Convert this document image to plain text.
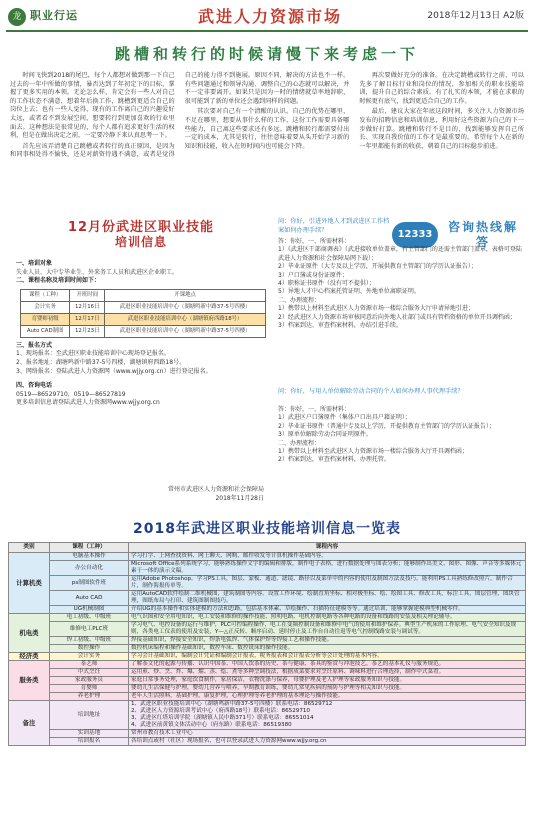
龙 职业行运	武进人力资源市场	2018年12月13日 A2版
跳槽和转行的时候请慢下来考虑一下

时间飞快到2018的尾巴，每个人都想对做到那一下自己过去的一年中所做的事情，暴否达到了年初定下的目标，掌握了更多实用的本领。无论怎么样，肯定会有一些人对自己的工作状态不满意，想着年后换工作，跳槽到更适合自己的岗位上去；也有一些人觉得，现有的工作离自己的兴趣爱好太远，或者看不到发展空间，想要转行到更加喜欢的行业里面去。这种想法是很常见的，每个人都有追求更好生活的权利，但是在做出决定之前，一定要冷静下来认真思考一下。

首先应该弄清楚自己跳槽或者转行的真正原因，是因为和同事相处得不愉快，还是对薪资待遇不满意，或者是觉得自己的能力得不到施展。原因不同，解决的方法也不一样。有些问题通过和领导沟通、调整自己的心态就可以解决，并不一定非要离开。如果只是因为一时的情绪就草率地辞职，很可能到了新的单位还会遇到同样的问题。

其次要对自己有一个清醒的认识。自己的优势在哪里，不足在哪里，想要从事什么样的工作，这份工作需要具备哪些能力，自己离这些要求还有多远。跳槽和转行都需要付出一定的成本，尤其是转行，往往意味着要从头开始学习新的知识和技能，收入在短时间内也可能会下降。

再次要做好充分的准备。在决定跳槽或转行之前，可以先多了解目标行业和岗位的情况，参加相关的职业技能培训，提升自己的综合素质。有了扎实的本领，才能在求职的时候更有底气，找到更适合自己的工作。

最后，建议大家在年底这段时间，多关注人力资源市场发布的招聘信息和培训信息，利用好这些资源为自己的下一步做好打算。跳槽和转行不是目的，找到能够发挥自己所长、实现自我价值的工作才是最重要的。希望每个人在新的一年里都能有新的收获，朝着自己的目标稳步前进。

12月份武进区职业技能
培训信息
一、培训对象
失业人员、大中专毕业生、外来务工人员和武进区企业职工。
二、课程名称及培训时间如下：
课程（工种）	开班时间	开课地点
会计实务	12月16日	武进区职业技能培训中心（湖塘鸣新中路37-5号四楼）
育婴师初级	12月17日	武进区职业技能培训中心（湖塘镇府西路18号）
Auto CAD制图	12月23日	武进区职业技能培训中心（湖塘鸣新中路37-5号四楼）
三、报名方式
1、现场报名：至武进区职业技能培训中心现场登记报名。
2、报名地址：湖塘鸣新中路37-5号四楼，湖塘镇府西路18号。
3、网络报名：登陆武进人力资源网（www.wjjy.org.cn）进行登记报名。
四、咨询电话
0519—86529710，0519—86527819
更多培训信息请登陆武进人力资源网www.wjjy.org.cn
常州市武进区人力资源和社会保障局
2018年11月28日
问：你好，引进外地人才到武进区工作档案如何办理手续？	12333
咨询热线解答

答：你好，一、所需材料：

1）《武进区干部商调表》（武进接收单位盖章，有主管部门的还需主管部门盖章，表格可登陆武进人力资源和社会保障局网下载）；

2）毕业证原件（大专及以上学历，开展供教育主管部门的学历认证报告）；

3）户口簿或身份证原件；

4）职称证书原件（没有可不提供）；

5）异地人才中心档案托管证明、外地单位离职证明。

二、办理流程：

1）携带以上材料至武进区人力资源市场一楼综合服务大厅申请异地引进；

2）经武进区人力资源市场审核同意后向外地人社部门或具有管档资格的单位开具调档函；

3）档案到达、审查档案材料，办结引进手续。

问：你好，与用人单位解除劳动合同的个人如何办理人事代理手续？

答：你好，一、所需材料：

1）武进区户口簿原件（集体户口出具户籍证明）；

2）毕业证书原件（普通中专及以上学历，开提供教育主管部门的学历认证报告）；

3）原单位解除劳动合同证明原件。

二、办理流程：

1）携带以上材料至武进区人力资源市场一楼综合服务大厅开具调档函；

2）档案到达，审查档案材料，办理托管。

2018年武进区职业技能培训信息一览表
类别	课程（工种）	课程内容
计算机类	电脑基本操作	学习打字、上网查找资料、网上聊天、网购、邮件收发等计算机操作基础内容。
	办公自动化	Microsoft Office系列系统学习，能够熟练操作文字的编辑和排版，制作电子表格，进行数据处理与图表分析；能够制作出美文、图形、图像、声音等多媒体元素于一体的演示文稿。
	ps制图软件班	运用Adobe Photoshop。学习PS工具，图层、蒙板、通道、滤镜、路径以及菜单中的内容的使用及制图方法及技巧。能利用PS工具熟练修改照片，制作合片，制作海报传单等。
	Auto CAD	运用AutoCAD软件绘制二维机械图，建筑制图等内容。设置工作环境、绘制直角坐标、相对极坐标、绘、绘图工具、修改工具，标注工具，图层管理，图块管理，图纸布局与打印、建筑图制图技巧。
	UG机械制图	介绍UG的基本操作和实体建模的方法和思路，包括基本体素、草绘操作、扫描特征建模等等。通过培训，能够掌握建模典型机械零件。
机电类	电工初级、中级班	电气识图和安全用电知识，电工安装和维修的操作技能、照明电路、电机控制电路等各种电路的设备和线路的安装及相关理论辅导。
	维修电工PLC班	学习电气、电控设备的运行与维护，PLC可控编程操作，电工在变频控制设备和维修中电气的使用和维护保养。典型生产机床的工作原理、电气安全知识及规则，各类电工仪表的使用及安装，Y—△正反转、顺序启动、延时停止及工作台自动往返等电气控制线路安装与调试等。
	焊工初级、中级班	焊接基础知识，焊接安全知识，焊条电弧焊、气体保护焊等焊接工艺和操作技能。
	数控操作	数控机床编程和操作基础知识，数控车床、数控铣床的操作技能。
经济类	会计实务	学习会计基础知识，编制会计凭证和编制会计报表，税务报表和会计报表分析等会计处理的基本内容。
服务类	茶艺师	了解茶文化的起源与传播、认识中国茶、中国人饮茶的历史、茶与健康、茶具的鉴赏与冲泡技艺，茶艺的基本礼仪与服务规范。
	中式烹饪	运用煎、炒、烹、炸、爆、熘、蒸、烩、煮等多种烹调技法，根据成菜要求对烹饪原料、调味料进行合理选择，制作中式菜肴。
	家政服务员	家庭日常事务处理，家庭饮食制作，家居保洁，衣物洗涤与保养，母婴护理及老人护理等家政服务知识与技能。
	育婴师	婴幼儿生活保健与护理，婴幼儿营养与喂养，早期教育训练，婴幼儿常见疾病的预防与护理等相关知识与技能。
	养老护理	老年人生活照料，基础护理，康复护理，心理护理等养老护理的基本理论与操作技能。
备注	培训地址	1、武进区职业技能培训中心（湖塘鸣新中路37-5号四楼）联系电话：86529712
2、武进区人力资源培训考试中心（府西路18号）联系电话：86529710
3、武进区红塔培训学院（湖塘镇人民中路371号）联系电话：86551014
4、武进区前黄镇文体活动中心（府东路）联系电话：86519380
	实训基地	常州市教育技术工业中心
	培训报名	各培训点或村（社区）现场报名，也可以登录武进人力资源网www.wjjy.org.cn
